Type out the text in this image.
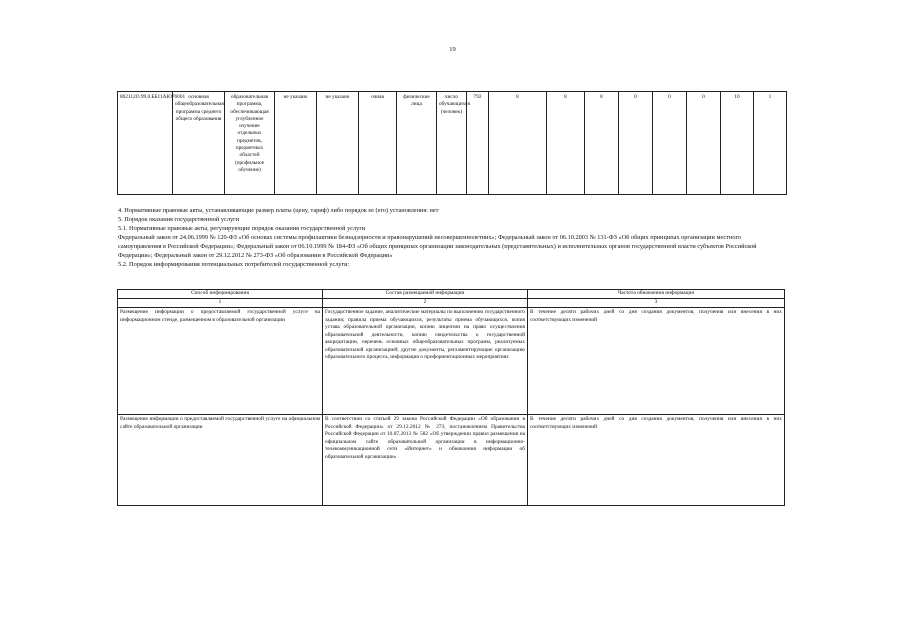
19
802112О.99.0.ББ11АЮ76001	основная общеобразовательная программа среднего общего образования	образовательная программа, обеспечивающая углубленное изучение отдельных предметов, предметных областей (профильное обучение)	не указано	не указано	очная	физические лица	число обучающихся (человек)	792	8	8	8	0	0	0	10	1

4. Нормативные правовые акты, устанавливающие размер платы (цену, тариф) либо порядок ее (его) установления: нет

5. Порядок оказания государственной услуги

5.1. Нормативные правовые акты, регулирующие порядок оказания государственной услуги

Федеральный закон от 24.06.1999 № 120-ФЗ «Об основах системы профилактики безнадзорности и правонарушений несовершеннолетних»; Федеральный закон от 06.10.2003 № 131-ФЗ «Об общих принципах организации местного самоуправления в Российской Федерации»; Федеральный закон от 06.10.1999 № 184-ФЗ «Об общих принципах организации законодательных (представительных) и исполнительных органов государственной власти субъектов Российской Федерации»; Федеральный закон от 29.12.2012 № 273-ФЗ «Об образовании в Российской Федерации»

5.2. Порядок информирования потенциальных потребителей государственной услуги:

Способ информирования	Состав размещаемой информации	Частота обновления информации
1	2	3
Размещение информации о предоставляемой государственной услуге на информационном стенде, размещенном в образовательной организации	Государственное задание, аналитические материалы по выполнению государственного задания; правила приема обучающихся, результаты приема обучающихся, копия устава образовательной организации, копию лицензии на право осуществления образовательной деятельности, копию свидетельства о государственной аккредитации, перечень основных общеобразовательных программ, реализуемых образовательной организацией; другие документы, регламентирующие организацию образовательного процесса, информация о профориентационных мероприятиях	В течение десяти рабочих дней со дня создания документов, получения или внесения в них соответствующих изменений
Размещение информации о предоставляемой государственной услуге на официальном сайте образовательной организации	В соответствии со статьей 29 закона Российской Федерации «Об образовании в Российской Федерации» от 29.12.2012 № 273, постановлением Правительства Российской Федерации от 10.07.2013 № 582 «Об утверждении правил размещения на официальном сайте образовательной организации в информационно-телекоммуникационной сети «Интернет» и обновления информации об образовательной организации»	В течение десяти рабочих дней со дня создания документов, получения или внесения в них соответствующих изменений
